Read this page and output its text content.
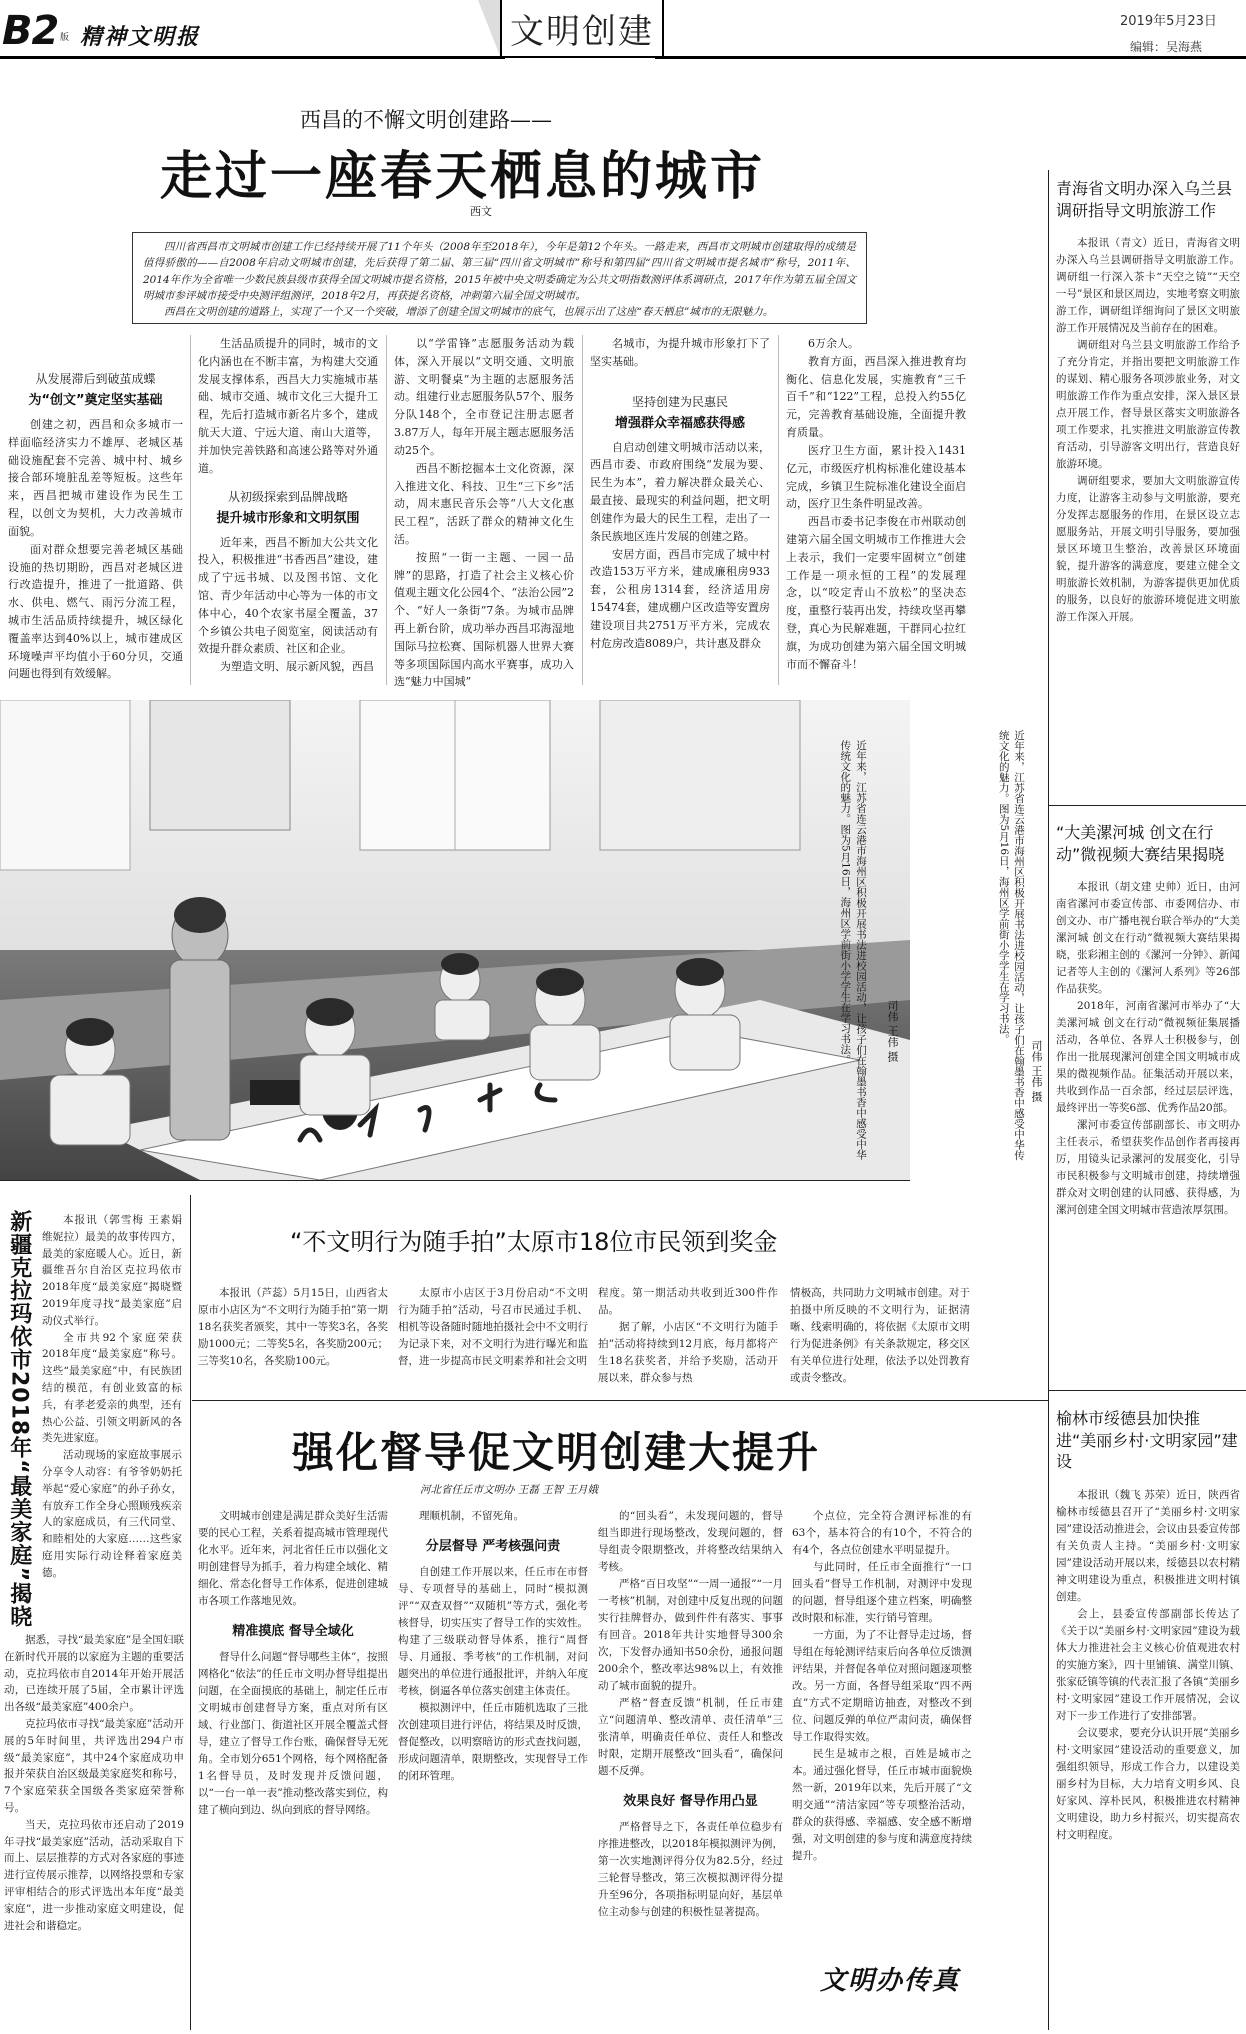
B2 版 精神文明报	文明创建	2019年5月23日
编辑：吴海燕
西昌的不懈文明创建路——
走过一座春天栖息的城市
西文

四川省西昌市文明城市创建工作已经持续开展了11个年头（2008年至2018年），今年是第12个年头。一路走来，西昌市文明城市创建取得的成绩是值得骄傲的——自2008年启动文明城市创建，先后获得了第二届、第三届“四川省文明城市”称号和第四届“四川省文明城市提名城市”称号，2011年、2014年作为全省唯一少数民族县级市获得全国文明城市提名资格，2015年被中央文明委确定为公共文明指数测评体系调研点，2017年作为第五届全国文明城市参评城市接受中央测评组测评，2018年2月，再获提名资格，冲刺第六届全国文明城市。

西昌在文明创建的道路上，实现了一个又一个突破，增添了创建全国文明城市的底气，也展示出了这座“春天栖息”城市的无限魅力。

从发展滞后到破茧成蝶
为“创文”奠定坚实基础

创建之初，西昌和众多城市一样面临经济实力不雄厚、老城区基础设施配套不完善、城中村、城乡接合部环境脏乱差等短板。这些年来，西昌把城市建设作为民生工程，以创文为契机，大力改善城市面貌。

面对群众想要完善老城区基础设施的热切期盼，西昌对老城区进行改造提升，推进了一批道路、供水、供电、燃气、雨污分流工程，城市生活品质持续提升，城区绿化覆盖率达到40%以上，城市建成区环境噪声平均值小于60分贝，交通问题也得到有效缓解。

生活品质提升的同时，城市的文化内涵也在不断丰富，为构建大交通发展支撑体系，西昌大力实施城市基础、城市交通、城市文化三大提升工程，先后打造城市新名片多个，建成航天大道、宁远大道、南山大道等，并加快完善铁路和高速公路等对外通道。

从初级探索到品牌战略
提升城市形象和文明氛围

近年来，西昌不断加大公共文化投入，积极推进“书香西昌”建设，建成了宁远书城、以及图书馆、文化馆、青少年活动中心等为一体的市文体中心，40个农家书屋全覆盖，37个乡镇公共电子阅览室，阅读活动有效提升群众素质、社区和企业。

为塑造文明、展示新风貌，西昌

以“学雷锋”志愿服务活动为载体，深入开展以“文明交通、文明旅游、文明餐桌”为主题的志愿服务活动。组建行业志愿服务队57个、服务分队148个，全市登记注册志愿者3.87万人，每年开展主题志愿服务活动25个。

西昌不断挖掘本土文化资源，深入推进文化、科技、卫生“三下乡”活动，周末惠民音乐会等“八大文化惠民工程”，活跃了群众的精神文化生活。

按照“一街一主题、一园一品牌”的思路，打造了社会主义核心价值观主题文化公园4个、“法治公园”2个、“好人一条街”7条。为城市品牌再上新台阶，成功举办西昌邛海湿地国际马拉松赛、国际机器人世界大赛等多项国际国内高水平赛事，成功入选“魅力中国城”

名城市，为提升城市形象打下了坚实基础。

坚持创建为民惠民
增强群众幸福感获得感

自启动创建文明城市活动以来，西昌市委、市政府围绕“发展为要、民生为本”，着力解决群众最关心、最直接、最现实的利益问题，把文明创建作为最大的民生工程，走出了一条民族地区连片发展的创建之路。

安居方面，西昌市完成了城中村改造153万平方米，建成廉租房933套，公租房1314套，经济适用房15474套，建成棚户区改造等安置房建设项目共2751万平方米，完成农村危房改造8089户，共计惠及群众

6万余人。

教育方面，西昌深入推进教育均衡化、信息化发展，实施教育“三千百千”和“122”工程，总投入约55亿元，完善教育基础设施，全面提升教育质量。

医疗卫生方面，累计投入1431亿元，市级医疗机构标准化建设基本完成，乡镇卫生院标准化建设全面启动，医疗卫生条件明显改善。

西昌市委书记李俊在市州联动创建第六届全国文明城市工作推进大会上表示，我们一定要牢固树立“创建工作是一项永恒的工程”的发展理念，以“咬定青山不放松”的坚决态度，重整行装再出发，持续攻坚再攀登，真心为民解难题，干群同心拉红旗，为成功创建为第六届全国文明城市而不懈奋斗！

近年来，江苏省连云港市海州区积极开展书法进校园活动，让孩子们在翰墨书香中感受中华传统文化的魅力。图为5月16日，海州区学前街小学学生在学习书法。	司伟 王伟 摄	近年来，江苏省连云港市海州区积极开展书法进校园活动，让孩子们在翰墨书香中感受中华传统文化的魅力。图为5月16日，海州区学前街小学学生在学习书法。
司伟 王伟 摄
新疆克拉玛依市2018年“最美家庭”揭晓	本报讯（郭雪梅 王素娟 维妮拉）最美的故事传四方，最美的家庭暖人心。近日，新疆维吾尔自治区克拉玛依市2018年度“最美家庭”揭晓暨2019年度寻找“最美家庭”启动仪式举行。

全市共92个家庭荣获2018年度“最美家庭”称号。这些“最美家庭”中，有民族团结的模范，有创业致富的标兵，有孝老爱亲的典型，还有热心公益、引领文明新风的各类先进家庭。

活动现场的家庭故事展示分享令人动容：有爷爷奶奶托举起“爱心家庭”的孙子孙女，有放弃工作全身心照顾残疾亲人的家庭成员，有三代同堂、和睦相处的大家庭……这些家庭用实际行动诠释着家庭美德。

据悉，寻找“最美家庭”是全国妇联在新时代开展的以家庭为主题的重要活动，克拉玛依市自2014年开始开展活动，已连续开展了5届，全市累计评选出各级“最美家庭”400余户。

克拉玛依市寻找“最美家庭”活动开展的5年时间里，共评选出294户市级“最美家庭”，其中24个家庭成功申报并荣获自治区级最美家庭奖和称号，7个家庭荣获全国级各类家庭荣誉称号。

当天，克拉玛依市还启动了2019年寻找“最美家庭”活动，活动采取自下而上、层层推荐的方式对各家庭的事迹进行宣传展示推荐，以网络投票和专家评审相结合的形式评选出本年度“最美家庭”，进一步推动家庭文明建设，促进社会和谐稳定。

“不文明行为随手拍”太原市18位市民领到奖金

本报讯（芦蕊）5月15日，山西省太原市小店区为“不文明行为随手拍”第一期18名获奖者颁奖，其中一等奖3名，各奖励1000元；二等奖5名，各奖励200元；三等奖10名，各奖励100元。

太原市小店区于3月份启动“不文明行为随手拍”活动，号召市民通过手机、相机等设备随时随地拍摄社会中不文明行为记录下来，对不文明行为进行曝光和监督，进一步提高市民文明素养和社会文明

程度。第一期活动共收到近300件作品。

据了解，小店区“不文明行为随手拍”活动将持续到12月底，每月都将产生18名获奖者，并给予奖励，活动开展以来，群众参与热

情极高，共同助力文明城市创建。对于拍摄中所反映的不文明行为，证据清晰、线索明确的，将依据《太原市文明行为促进条例》有关条款规定，移交区有关单位进行处理，依法予以处罚教育或责令整改。

强化督导促文明创建大提升
河北省任丘市文明办 王磊 王智 王月娥

文明城市创建是满足群众美好生活需要的民心工程，关系着提高城市管理现代化水平。近年来，河北省任丘市以强化文明创建督导为抓手，着力构建全域化、精细化、常态化督导工作体系，促进创建城市各项工作落地见效。

精准摸底 督导全域化

督导什么问题“督导哪些主体”，按照网格化“依法”的任丘市文明办督导组提出问题，在全面摸底的基础上，制定任丘市文明城市创建督导方案，重点对所有区域、行业部门、街道社区开展全覆盖式督导，建立了督导工作台账，确保督导无死角。全市划分651个网格，每个网格配备1名督导员，及时发现并反馈问题，以“一台一单一表”推动整改落实到位，构建了横向到边、纵向到底的督导网络。

理顺机制，不留死角。

分层督导 严考核强问责

自创建工作开展以来，任丘市在市督导、专项督导的基础上，同时“模拟测评”“双查双督”“双随机”等方式，强化考核督导，切实压实了督导工作的实效性。构建了三级联动督导体系，推行“周督导、月通报、季考核”的工作机制，对问题突出的单位进行通报批评，并纳入年度考核，倒逼各单位落实创建主体责任。

模拟测评中，任丘市随机选取了三批次创建项目进行评估，将结果及时反馈，督促整改，以明察暗访的形式查找问题，形成问题清单，限期整改，实现督导工作的闭环管理。

的“回头看”，未发现问题的，督导组当即进行现场整改，发现问题的，督导组责令限期整改，并将整改结果纳入考核。

严格“百日攻坚”“一周一通报”“一月一考核”机制，对创建中反复出现的问题实行挂牌督办，做到件件有落实、事事有回音。2018年共计实地督导300余次，下发督办通知书50余份，通报问题200余个，整改率达98%以上，有效推动了城市面貌的提升。

严格“督查反馈”机制，任丘市建立“问题清单、整改清单、责任清单”三张清单，明确责任单位、责任人和整改时限，定期开展整改“回头看”，确保问题不反弹。

效果良好 督导作用凸显

严格督导之下，各责任单位稳步有序推进整改，以2018年模拟测评为例，第一次实地测评得分仅为82.5分，经过三轮督导整改，第三次模拟测评得分提升至96分，各项指标明显向好，基层单位主动参与创建的积极性显著提高。

个点位，完全符合测评标准的有63个，基本符合的有10个，不符合的有4个，各点位创建水平明显提升。

与此同时，任丘市全面推行“一口回头看”督导工作机制，对测评中发现的问题，督导组逐个建立档案，明确整改时限和标准，实行销号管理。

一方面，为了不让督导走过场，督导组在每轮测评结束后向各单位反馈测评结果，并督促各单位对照问题逐项整改。另一方面，各督导组采取“四不两直”方式不定期暗访抽查，对整改不到位、问题反弹的单位严肃问责，确保督导工作取得实效。

民生是城市之根，百姓是城市之本。通过强化督导，任丘市城市面貌焕然一新，2019年以来，先后开展了“文明交通”“清洁家园”等专项整治活动，群众的获得感、幸福感、安全感不断增强，对文明创建的参与度和满意度持续提升。

文明办传真
青海省文明办深入乌兰县调研指导文明旅游工作

本报讯（青文）近日，青海省文明办深入乌兰县调研指导文明旅游工作。调研组一行深入茶卡“天空之镜”“天空一号”景区和景区周边，实地考察文明旅游工作，调研组详细询问了景区文明旅游工作开展情况及当前存在的困难。

调研组对乌兰县文明旅游工作给予了充分肯定，并指出要把文明旅游工作的谋划、精心服务各项涉旅业务，对文明旅游工作作为重点安排，深入景区景点开展工作，督导景区落实文明旅游各项工作要求，扎实推进文明旅游宣传教育活动，引导游客文明出行，营造良好旅游环境。

调研组要求，要加大文明旅游宣传力度，让游客主动参与文明旅游，要充分发挥志愿服务的作用，在景区设立志愿服务站，开展文明引导服务，要加强景区环境卫生整治，改善景区环境面貌，提升游客的满意度，要建立健全文明旅游长效机制，为游客提供更加优质的服务，以良好的旅游环境促进文明旅游工作深入开展。

“大美漯河城 创文在行动”微视频大赛结果揭晓

本报讯（胡文建 史帅）近日，由河南省漯河市委宣传部、市委网信办、市创文办、市广播电视台联合举办的“大美漯河城 创文在行动”微视频大赛结果揭晓，张彩湘主创的《漯河一分钟》、新闻记者等人主创的《漯河人系列》等26部作品获奖。

2018年，河南省漯河市举办了“大美漯河城 创文在行动”微视频征集展播活动，各单位、各界人士积极参与，创作出一批展现漯河创建全国文明城市成果的微视频作品。征集活动开展以来，共收到作品一百余部，经过层层评选，最终评出一等奖6部、优秀作品20部。

漯河市委宣传部副部长、市文明办主任表示，希望获奖作品创作者再接再厉，用镜头记录漯河的发展变化，引导市民积极参与文明城市创建，持续增强群众对文明创建的认同感、获得感，为漯河创建全国文明城市营造浓厚氛围。

榆林市绥德县加快推进“美丽乡村·文明家园”建设

本报讯（魏飞 苏荣）近日，陕西省榆林市绥德县召开了“美丽乡村·文明家园”建设活动推进会，会议由县委宣传部有关负责人主持。“美丽乡村·文明家园”建设活动开展以来，绥德县以农村精神文明建设为重点，积极推进文明村镇创建。

会上，县委宣传部副部长传达了《关于以“美丽乡村·文明家园”建设为载体大力推进社会主义核心价值观进农村的实施方案》，四十里铺镇、满堂川镇、张家砭镇等镇的代表汇报了各镇“美丽乡村·文明家园”建设工作开展情况，会议对下一步工作进行了安排部署。

会议要求，要充分认识开展“美丽乡村·文明家园”建设活动的重要意义，加强组织领导，形成工作合力，以建设美丽乡村为目标，大力培育文明乡风、良好家风、淳朴民风，积极推进农村精神文明建设，助力乡村振兴，切实提高农村文明程度。
